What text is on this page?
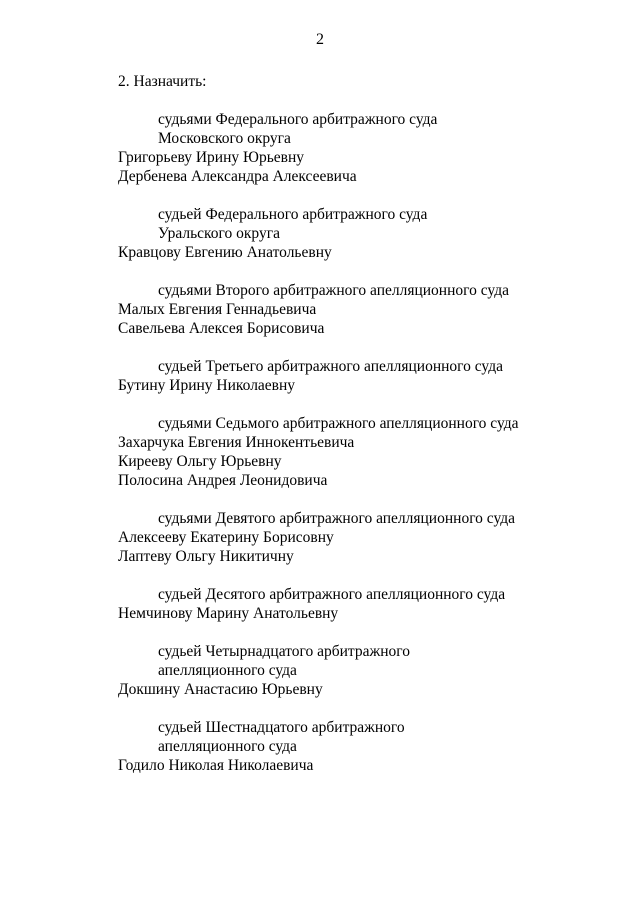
2
2. Назначить:
судьями Федерального арбитражного суда
Московского округа
Григорьеву Ирину Юрьевну
Дербенева Александра Алексеевича
судьей Федерального арбитражного суда
Уральского округа
Кравцову Евгению Анатольевну
судьями Второго арбитражного апелляционного суда
Малых Евгения Геннадьевича
Савельева Алексея Борисовича
судьей Третьего арбитражного апелляционного суда
Бутину Ирину Николаевну
судьями Седьмого арбитражного апелляционного суда
Захарчука Евгения Иннокентьевича
Кирееву Ольгу Юрьевну
Полосина Андрея Леонидовича
судьями Девятого арбитражного апелляционного суда
Алексееву Екатерину Борисовну
Лаптеву Ольгу Никитичну
судьей Десятого арбитражного апелляционного суда
Немчинову Марину Анатольевну
судьей Четырнадцатого арбитражного
апелляционного суда
Докшину Анастасию Юрьевну
судьей Шестнадцатого арбитражного
апелляционного суда
Годило Николая Николаевича
